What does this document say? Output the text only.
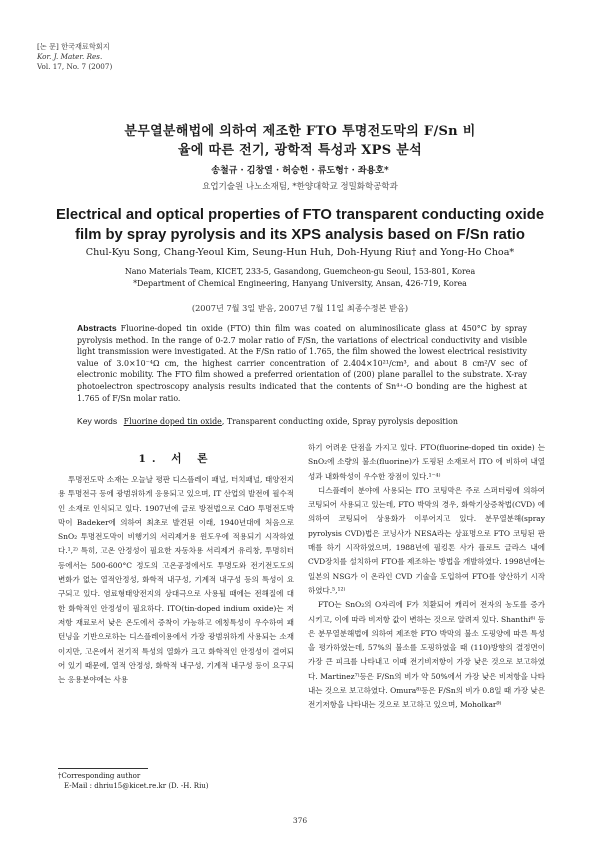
[논 문] 한국재료학회지
Kor. J. Mater. Res.
Vol. 17, No. 7 (2007)
분무열분해법에 의하여 제조한 FTO 투명전도막의 F/Sn 비율에 따른 전기, 광학적 특성과 XPS 분석
송철규 · 김창열 · 허승헌 · 류도형† · 좌용호*
요업기술원 나노소재팀, *한양대학교 정밀화학공학과
Electrical and optical properties of FTO transparent conducting oxide film by spray pyrolysis and its XPS analysis based on F/Sn ratio
Chul-Kyu Song, Chang-Yeoul Kim, Seung-Hun Huh, Doh-Hyung Riu† and Yong-Ho Choa*
Nano Materials Team, KICET, 233-5, Gasandong, Guemcheon-gu Seoul, 153-801, Korea
*Department of Chemical Engineering, Hanyang University, Ansan, 426-719, Korea
(2007년 7월 3일 받음, 2007년 7월 11일 최종수정본 받음)
Abstracts Fluorine-doped tin oxide (FTO) thin film was coated on aluminosilicate glass at 450°C by spray pyrolysis method. In the range of 0-2.7 molar ratio of F/Sn, the variations of electrical conductivity and visible light transmission were investigated. At the F/Sn ratio of 1.765, the film showed the lowest electrical resistivity value of 3.0×10⁻⁴Ω cm, the highest carrier concentration of 2.404×10²¹/cm³, and about 8 cm²/V sec of electronic mobility. The FTO film showed a preferred orientation of (200) plane parallel to the substrate. X-ray photoelectron spectroscopy analysis results indicated that the contents of Sn⁴⁺-O bonding are the highest at 1.765 of F/Sn molar ratio.
Key words Fluorine doped tin oxide, Transparent conducting oxide, Spray pyrolysis deposition
1. 서 론

투명전도막 소재는 오늘날 평판 디스플레이 패널, 터치패널, 태양전지용 투명전극 등에 광범위하게 응용되고 있으며, IT 산업의 발전에 필수적인 소재로 인식되고 있다. 1907년에 글로 방전법으로 CdO 투명전도박막이 Badeker에 의하여 최초로 발견된 이래, 1940년대에 처음으로 SnO₂ 투명전도막이 비행기의 서리제거용 윈도우에 적용되기 시작하였다.¹,²⁾ 특히, 고온 안정성이 필요한 자동차용 서리제거 유리창, 투명히터 등에서는 500-600°C 정도의 고온공정에서도 투명도와 전기전도도의 변화가 없는 열적안정성, 화학적 내구성, 기계적 내구성 등의 특성이 요구되고 있다. 염료형태양전지의 상대극으로 사용될 때에는 전해질에 대한 화학적인 안정성이 필요하다. ITO(tin-doped indium oxide)는 저저항 재료로서 낮은 온도에서 증착이 가능하고 에칭특성이 우수하여 패턴닝을 기반으로하는 디스플레이용에서 가장 광범위하게 사용되는 소재이지만, 고온에서 전기적 특성의 열화가 크고 화학적인 안정성이 결여되어 있기 때문에, 열적 안정성, 화학적 내구성, 기계적 내구성 등이 요구되는 응용분야에는 사용

†Corresponding author
E-Mail : dhriu15@kicet.re.kr (D. -H. Riu)

하기 어려운 단점을 가지고 있다. FTO(fluorine-doped tin oxide) 는 SnO₂에 소량의 불소(fluorine)가 도핑된 소재로서 ITO 에 비하여 내열성과 내화학성이 우수한 장점이 있다.¹⁻⁴⁾

디스플레이 분야에 사용되는 ITO 코팅막은 주로 스퍼터링에 의하여 코팅되어 사용되고 있는데, FTO 박막의 경우, 화학기상증착법(CVD) 에 의하여 코팅되어 상용화가 이루어지고 있다. 분무열분해(spray pyrolysis CVD)법은 코닝사가 NESA라는 상표명으로 FTO 코팅된 판매를 하기 시작하였으며, 1988년에 필킹톤 사가 플로트 글라스 내에 CVD장치를 설치하여 FTO를 제조하는 방법을 개발하였다. 1998년에는 일본의 NSG가 이 온라인 CVD 기술을 도입하여 FTO를 양산하기 시작하였다.⁵,¹²⁾

FTO는 SnO₂의 O자리에 F가 치환되어 캐리어 전자의 농도를 증가 시키고, 이에 따라 비저항 값이 변하는 것으로 알려져 있다. Shanthi⁶⁾ 등은 분무열분해법에 의하여 제조한 FTO 박막의 불소 도핑양에 따른 특성을 평가하였는데, 57%의 불소를 도핑하였을 때 (110)방향의 결정면이 가장 큰 피크를 나타내고 이때 전기비저항이 가장 낮은 것으로 보고하였다. Martinez⁷⁾등은 F/Sn의 비가 약 50%에서 가장 낮은 비저항을 나타내는 것으로 보고하였다. Omura⁸⁾등은 F/Sn의 비가 0.8일 때 가장 낮은 전기저항을 나타내는 것으로 보고하고 있으며, Moholkar⁹⁾

376
